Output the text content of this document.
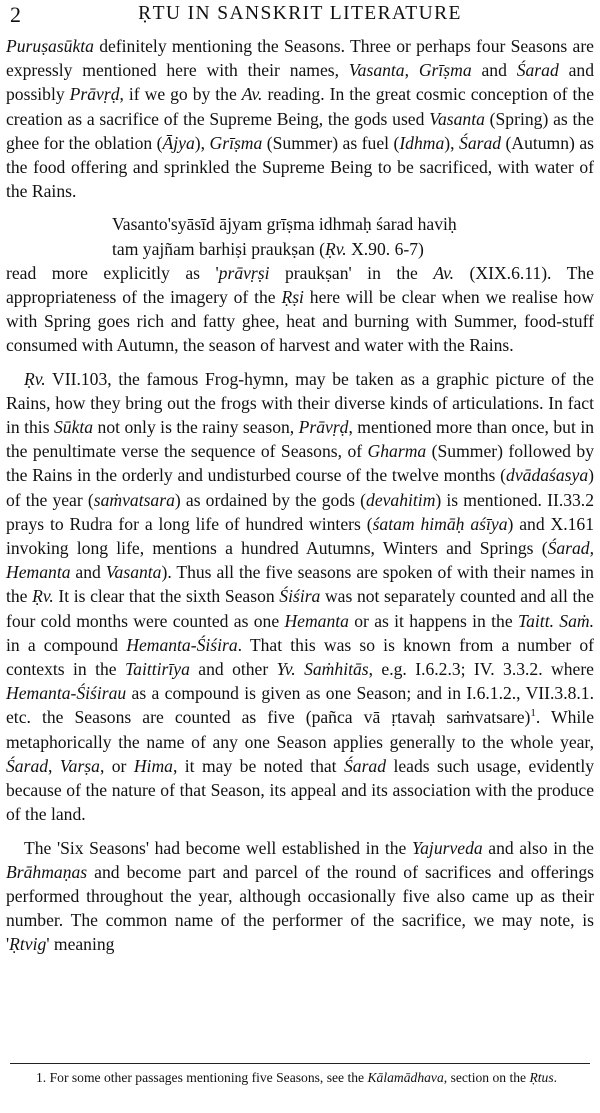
2	ṚTU IN SANSKRIT LITERATURE

Puruṣasūkta definitely mentioning the Seasons. Three or perhaps four Seasons are expressly mentioned here with their names, Vasanta, Grīṣma and Śarad and possibly Prāvṛḍ, if we go by the Av. reading. In the great cosmic conception of the creation as a sacrifice of the Supreme Being, the gods used Vasanta (Spring) as the ghee for the oblation (Ājya), Grīṣma (Summer) as fuel (Idhma), Śarad (Autumn) as the food offering and sprinkled the Supreme Being to be sacrificed, with water of the Rains.

Vasanto'syāsīd ājyam grīṣma idhmaḥ śarad haviḥ
tam yajñam barhiṣi praukṣan (Ṛv. X.90. 6-7)

read more explicitly as 'prāvṛṣi praukṣan' in the Av. (XIX.6.11). The appropriateness of the imagery of the Ṛṣi here will be clear when we realise how with Spring goes rich and fatty ghee, heat and burning with Summer, food-stuff consumed with Autumn, the season of harvest and water with the Rains.

Ṛv. VII.103, the famous Frog-hymn, may be taken as a graphic picture of the Rains, how they bring out the frogs with their diverse kinds of articulations. In fact in this Sūkta not only is the rainy season, Prāvṛḍ, mentioned more than once, but in the penultimate verse the sequence of Seasons, of Gharma (Summer) followed by the Rains in the orderly and undisturbed course of the twelve months (dvādaśasya) of the year (saṁvatsara) as ordained by the gods (devahitim) is mentioned. II.33.2 prays to Rudra for a long life of hundred winters (śatam himāḥ aśīya) and X.161 invoking long life, mentions a hundred Autumns, Winters and Springs (Śarad, Hemanta and Vasanta). Thus all the five seasons are spoken of with their names in the Ṛv. It is clear that the sixth Season Śiśira was not separately counted and all the four cold months were counted as one Hemanta or as it happens in the Taitt. Saṁ. in a compound Hemanta-Śiśira. That this was so is known from a number of contexts in the Taittirīya and other Yv. Saṁhitās, e.g. I.6.2.3; IV. 3.3.2. where Hemanta-Śiśirau as a compound is given as one Season; and in I.6.1.2., VII.3.8.1. etc. the Seasons are counted as five (pañca vā ṛtavaḥ saṁvatsare)$^1$. While metaphorically the name of any one Season applies generally to the whole year, Śarad, Varṣa, or Hima, it may be noted that Śarad leads such usage, evidently because of the nature of that Season, its appeal and its association with the produce of the land.

The 'Six Seasons' had become well established in the Yajurveda and also in the Brāhmaṇas and become part and parcel of the round of sacrifices and offerings performed throughout the year, although occasionally five also came up as their number. The common name of the performer of the sacrifice, we may note, is 'Ṛtvig' meaning

1. For some other passages mentioning five Seasons, see the Kālamādhava, section on the Ṛtus.
